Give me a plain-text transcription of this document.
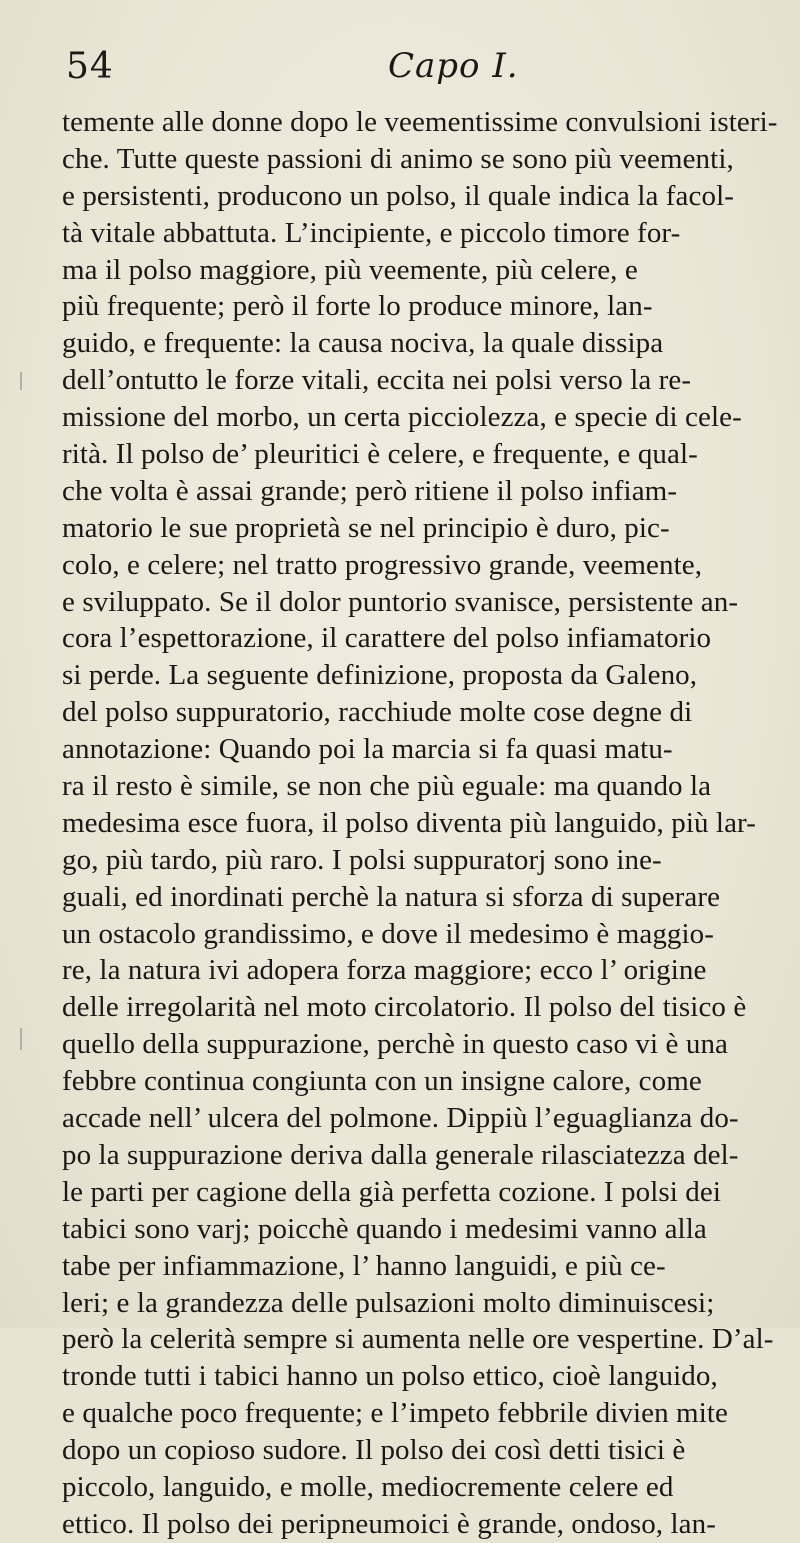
54	Capo I.
temente alle donne dopo le veementissime convulsioni isteri-
che. Tutte queste passioni di animo se sono più veementi,
e persistenti, producono un polso, il quale indica la facol-
tà vitale abbattuta. L’incipiente, e piccolo timore for-
ma il polso maggiore, più veemente, più celere, e
più frequente; però il forte lo produce minore, lan-
guido, e frequente: la causa nociva, la quale dissipa
dell’ontutto le forze vitali, eccita nei polsi verso la re-
missione del morbo, un certa picciolezza, e specie di cele-
rità. Il polso de’ pleuritici è celere, e frequente, e qual-
che volta è assai grande; però ritiene il polso infiam-
matorio le sue proprietà se nel principio è duro, pic-
colo, e celere; nel tratto progressivo grande, veemente,
e sviluppato. Se il dolor puntorio svanisce, persistente an-
cora l’espettorazione, il carattere del polso infiamatorio
si perde. La seguente definizione, proposta da Galeno,
del polso suppuratorio, racchiude molte cose degne di
annotazione: Quando poi la marcia si fa quasi matu-
ra il resto è simile, se non che più eguale: ma quando la
medesima esce fuora, il polso diventa più languido, più lar-
go, più tardo, più raro. I polsi suppuratorj sono ine-
guali, ed inordinati perchè la natura si sforza di superare
un ostacolo grandissimo, e dove il medesimo è maggio-
re, la natura ivi adopera forza maggiore; ecco l’ origine
delle irregolarità nel moto circolatorio. Il polso del tisico è
quello della suppurazione, perchè in questo caso vi è una
febbre continua congiunta con un insigne calore, come
accade nell’ ulcera del polmone. Dippiù l’eguaglianza do-
po la suppurazione deriva dalla generale rilasciatezza del-
le parti per cagione della già perfetta cozione. I polsi dei
tabici sono varj; poicchè quando i medesimi vanno alla
tabe per infiammazione, l’ hanno languidi, e più ce-
leri; e la grandezza delle pulsazioni molto diminuiscesi;
però la celerità sempre si aumenta nelle ore vespertine. D’al-
tronde tutti i tabici hanno un polso ettico, cioè languido,
e qualche poco frequente; e l’impeto febbrile divien mite
dopo un copioso sudore. Il polso dei così detti tisici è
piccolo, languido, e molle, mediocremente celere ed
ettico. Il polso dei peripneumoici è grande, ondoso, lan-
